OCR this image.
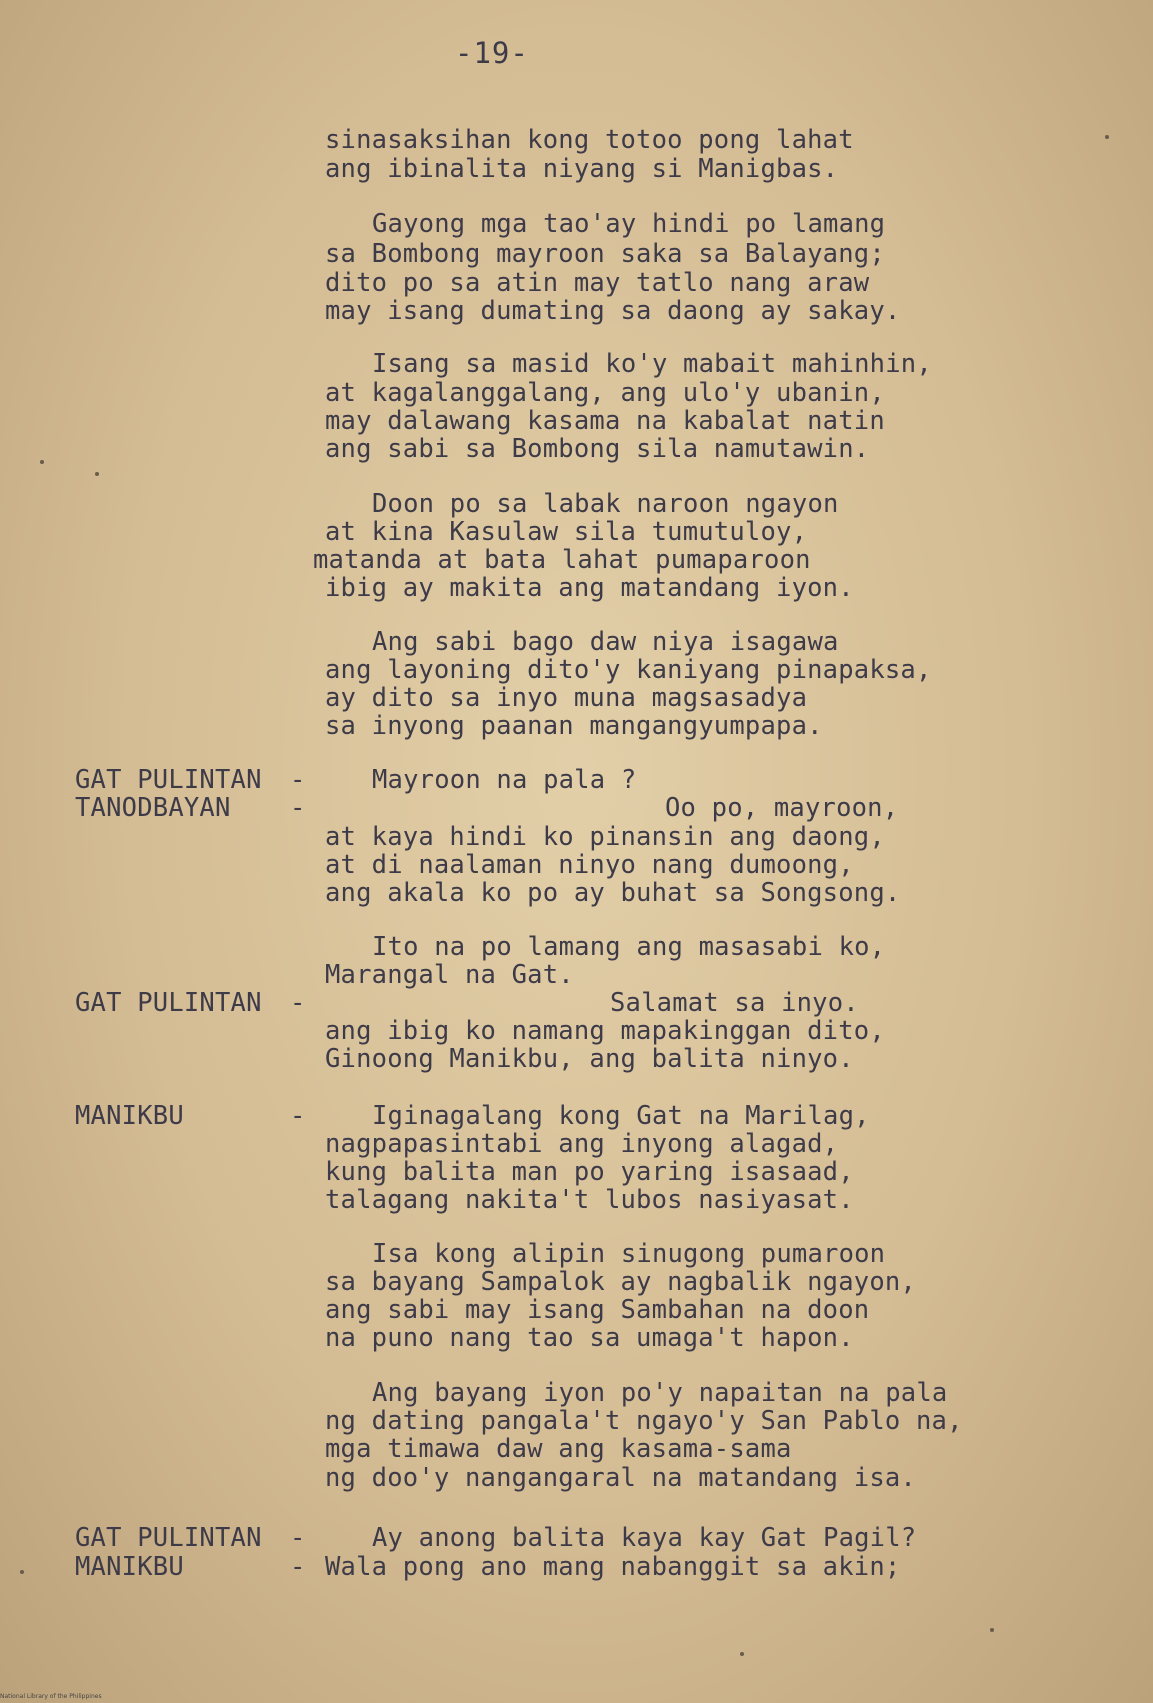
-19-
sinasaksihan kong totoo pong lahat
ang ibinalita niyang si Manigbas.
Gayong mga tao'ay hindi po lamang
sa Bombong mayroon saka sa Balayang;
dito po sa atin may tatlo nang araw
may isang dumating sa daong ay sakay.
Isang sa masid ko'y mabait mahinhin,
at kagalanggalang, ang ulo'y ubanin,
may dalawang kasama na kabalat natin
ang sabi sa Bombong sila namutawin.
Doon po sa labak naroon ngayon
at kina Kasulaw sila tumutuloy,
matanda at bata lahat pumaparoon
ibig ay makita ang matandang iyon.
Ang sabi bago daw niya isagawa
ang layoning dito'y kaniyang pinapaksa,
ay dito sa inyo muna magsasadya
sa inyong paanan mangangyumpapa.
GAT PULINTAN -	Mayroon na pala ?
TANODBAYAN -	Oo po, mayroon,
at kaya hindi ko pinansin ang daong,
at di naalaman ninyo nang dumoong,
ang akala ko po ay buhat sa Songsong.
Ito na po lamang ang masasabi ko,
Marangal na Gat.
GAT PULINTAN -	Salamat sa inyo.
ang ibig ko namang mapakinggan dito,
Ginoong Manikbu, ang balita ninyo.
MANIKBU	-	Iginagalang kong Gat na Marilag,
nagpapasintabi ang inyong alagad,
kung balita man po yaring isasaad,
talagang nakita't lubos nasiyasat.
Isa kong alipin sinugong pumaroon
sa bayang Sampalok ay nagbalik ngayon,
ang sabi may isang Sambahan na doon
na puno nang tao sa umaga't hapon.
Ang bayang iyon po'y napaitan na pala
ng dating pangala't ngayo'y San Pablo na,
mga timawa daw ang kasama-sama
ng doo'y nangangaral na matandang isa.
GAT PULINTAN -	Ay anong balita kaya kay Gat Pagil?
MANIKBU	- Wala pong ano mang nabanggit sa akin;
National Library of the Philippines
